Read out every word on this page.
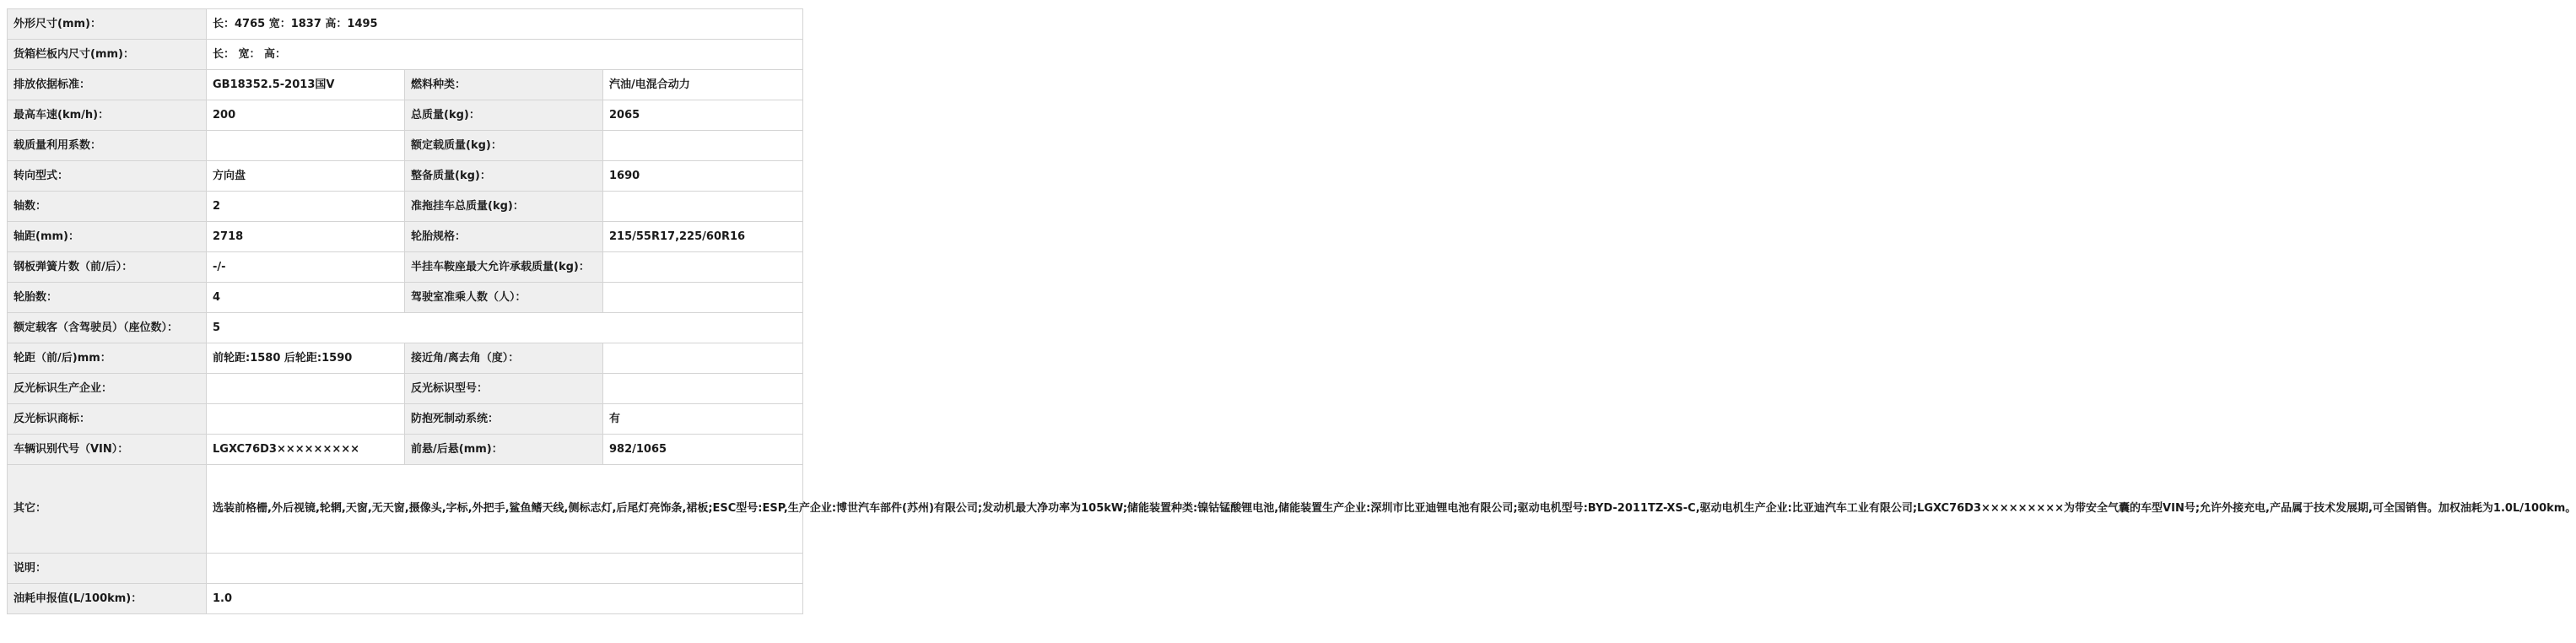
外形尺寸(mm)：	长：4765 宽：1837 高：1495		
货箱栏板内尺寸(mm)：	长： 宽： 高：		
排放依据标准：	GB18352.5-2013国Ⅴ	燃料种类：	汽油/电混合动力
最高车速(km/h)：	200	总质量(kg)：	2065
载质量利用系数：		额定载质量(kg)：	
转向型式：	方向盘	整备质量(kg)：	1690
轴数：	2	准拖挂车总质量(kg)：	
轴距(mm)：	2718	轮胎规格：	215/55R17,225/60R16
钢板弹簧片数（前/后）：	-/-	半挂车鞍座最大允许承载质量(kg)：	
轮胎数：	4	驾驶室准乘人数（人）：	
额定载客（含驾驶员）（座位数）：	5		
轮距（前/后)mm：	前轮距:1580 后轮距:1590	接近角/离去角（度）：	
反光标识生产企业：		反光标识型号：	
反光标识商标：		防抱死制动系统：	有
车辆识别代号（VIN）：	LGXC76D3×××××××××	前悬/后悬(mm)：	982/1065
其它：	选装前格栅,外后视镜,轮辋,天窗,无天窗,摄像头,字标,外把手,鲨鱼鳍天线,侧标志灯,后尾灯亮饰条,裙板;ESC型号:ESP,生产企业:博世汽车部件(苏州)有限公司;发动机最大净功率为105kW;储能装置种类:镍钴锰酸锂电池,储能装置生产企业:深圳市比亚迪锂电池有限公司;驱动电机型号:BYD-2011TZ-XS-C,驱动电机生产企业:比亚迪汽车工业有限公司;LGXC76D3×××××××××为带安全气囊的车型VIN号;允许外接充电,产品属于技术发展期,可全国销售。加权油耗为1.0L/100km。		
说明：			
油耗申报值(L/100km)：	1.0		
